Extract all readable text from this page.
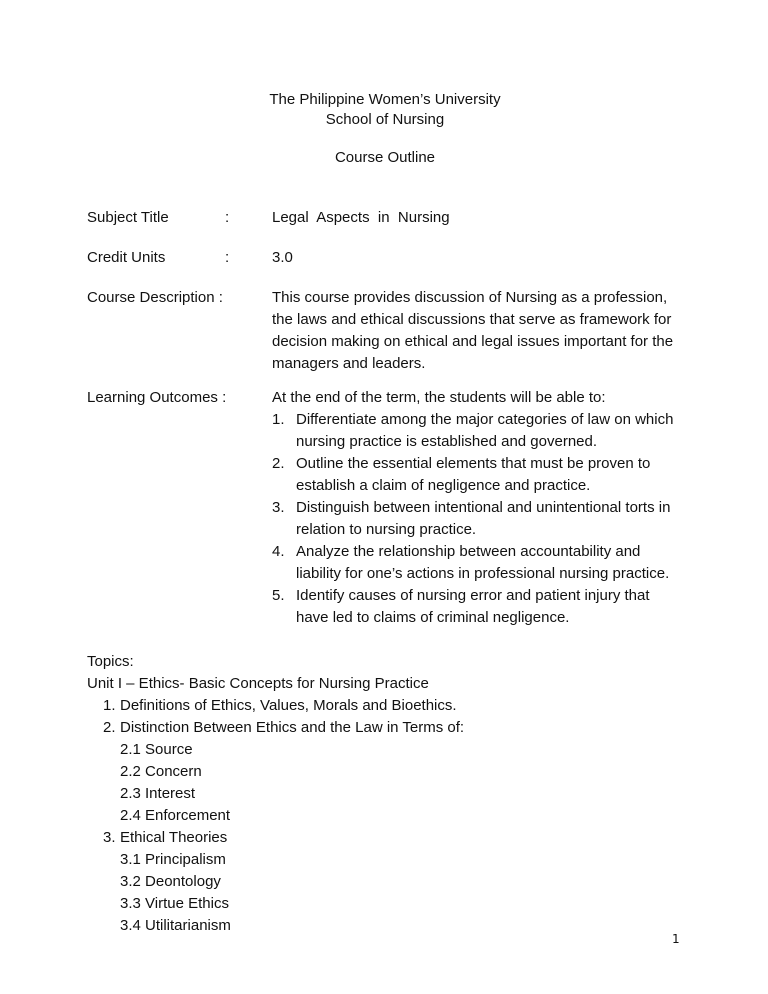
The Philippine Women’s University
School of Nursing
Course Outline
Subject Title	:	Legal  Aspects  in  Nursing
Credit Units	:	3.0
Course Description :	This course provides discussion of Nursing as a profession, the laws and ethical discussions that serve as framework for decision making on ethical and legal issues important for the managers and leaders.
Learning Outcomes :	At the end of the term, the students will be able to:
1. Differentiate among the major categories of law on which nursing practice is established and governed.
2. Outline the essential elements that must be proven to establish a claim of negligence and practice.
3. Distinguish between intentional and unintentional torts in relation to nursing practice.
4. Analyze the relationship between accountability and liability for one’s actions in professional nursing practice.
5. Identify causes of nursing error and patient injury that have led to claims of criminal negligence.
Topics:
Unit I – Ethics- Basic Concepts for Nursing Practice
1. Definitions of Ethics, Values, Morals and Bioethics.
2. Distinction Between Ethics and the Law in Terms of:
2.1 Source
2.2 Concern
2.3 Interest
2.4 Enforcement
3. Ethical Theories
3.1 Principalism
3.2 Deontology
3.3 Virtue Ethics
3.4 Utilitarianism
1
